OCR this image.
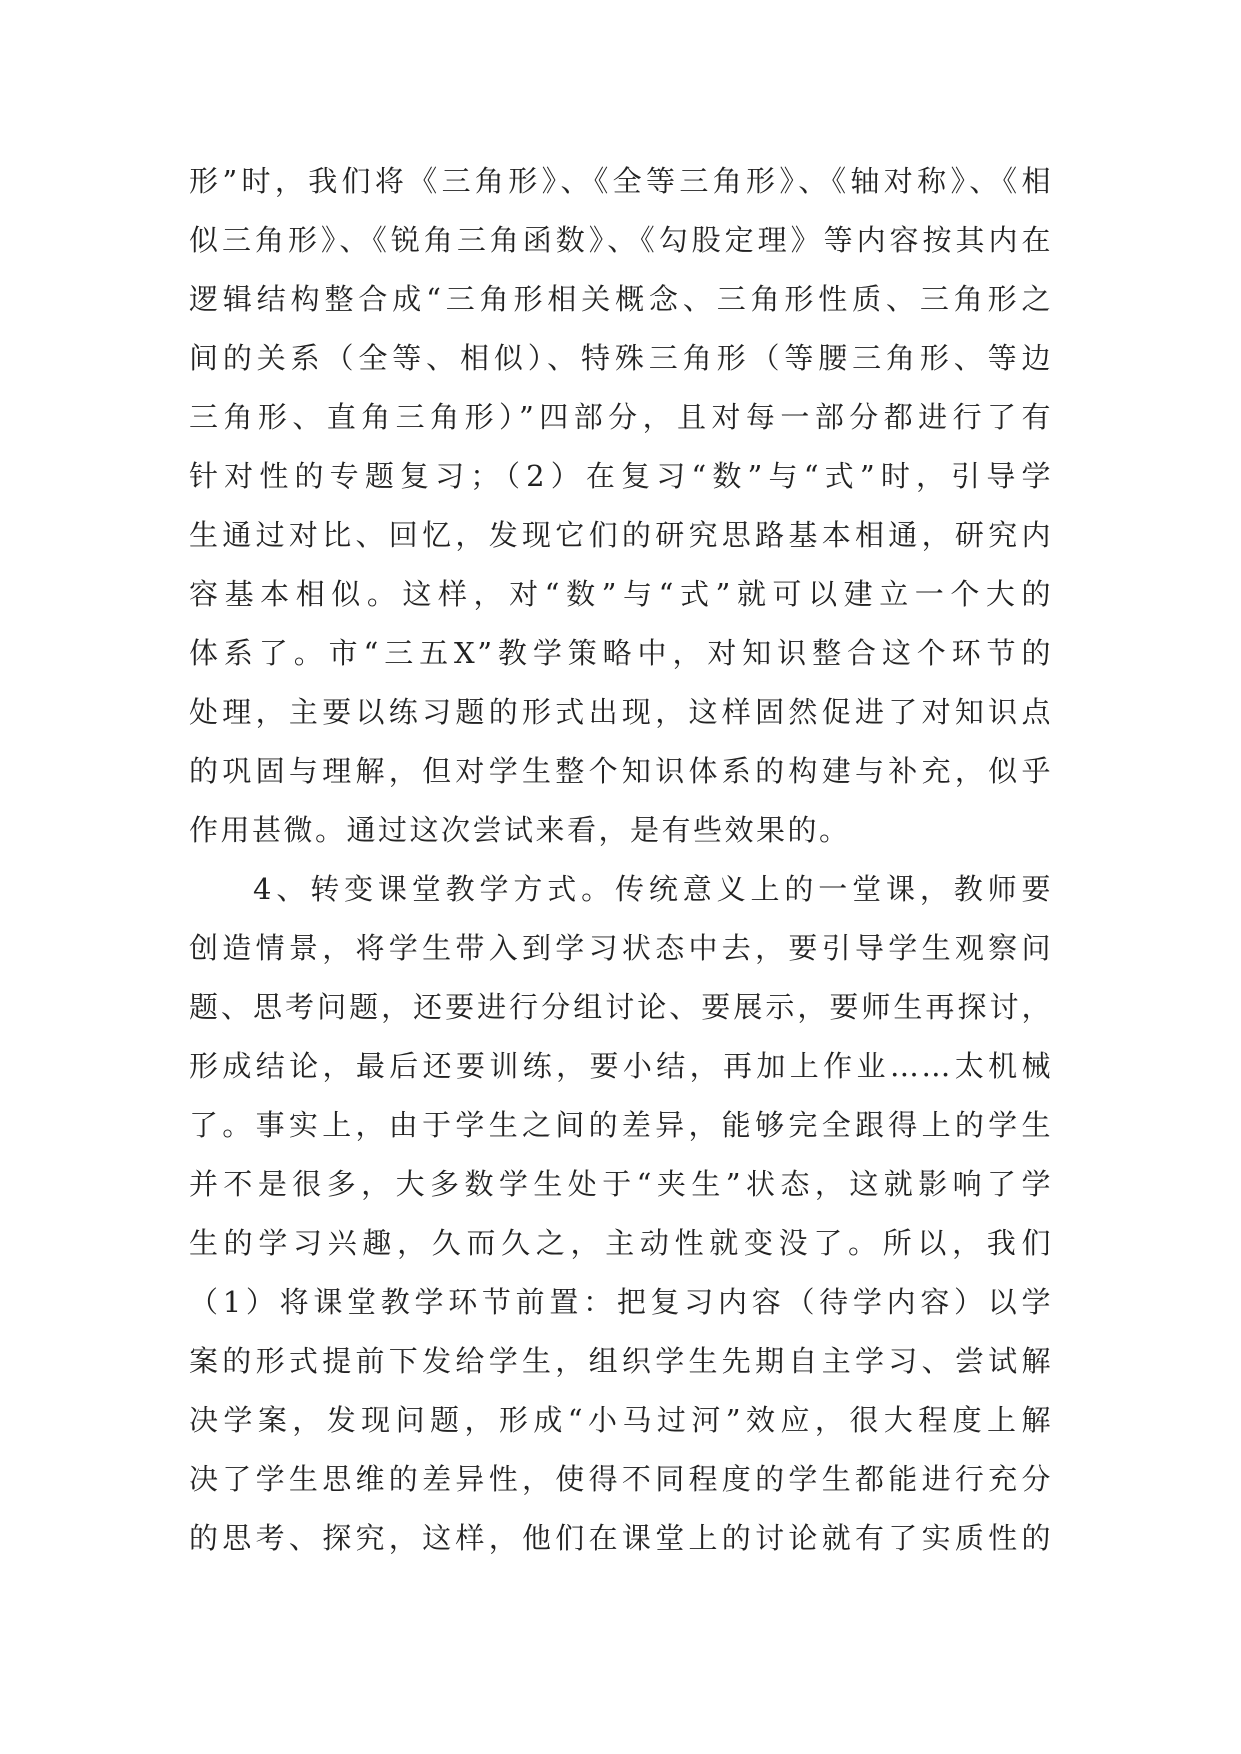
形”时，我们将《三角形》、《全等三角形》、《轴对称》、《相
似三角形》、《锐角三角函数》、《勾股定理》等内容按其内在
逻辑结构整合成“三角形相关概念、三角形性质、三角形之
间的关系（全等、相似）、特殊三角形（等腰三角形、等边
三角形、直角三角形）”四部分，且对每一部分都进行了有
针对性的专题复习；（2）在复习“数”与“式”时，引导学
生通过对比、回忆，发现它们的研究思路基本相通，研究内
容基本相似。这样，对“数”与“式”就可以建立一个大的
体系了。市“三五X”教学策略中，对知识整合这个环节的
处理，主要以练习题的形式出现，这样固然促进了对知识点
的巩固与理解，但对学生整个知识体系的构建与补充，似乎
作用甚微。通过这次尝试来看，是有些效果的。
4、转变课堂教学方式。传统意义上的一堂课，教师要
创造情景，将学生带入到学习状态中去，要引导学生观察问
题、思考问题，还要进行分组讨论、要展示，要师生再探讨，
形成结论，最后还要训练，要小结，再加上作业……太机械
了。事实上，由于学生之间的差异，能够完全跟得上的学生
并不是很多，大多数学生处于“夹生”状态，这就影响了学
生的学习兴趣，久而久之，主动性就变没了。所以，我们
（1）将课堂教学环节前置：把复习内容（待学内容）以学
案的形式提前下发给学生，组织学生先期自主学习、尝试解
决学案，发现问题，形成“小马过河”效应，很大程度上解
决了学生思维的差异性，使得不同程度的学生都能进行充分
的思考、探究，这样，他们在课堂上的讨论就有了实质性的
